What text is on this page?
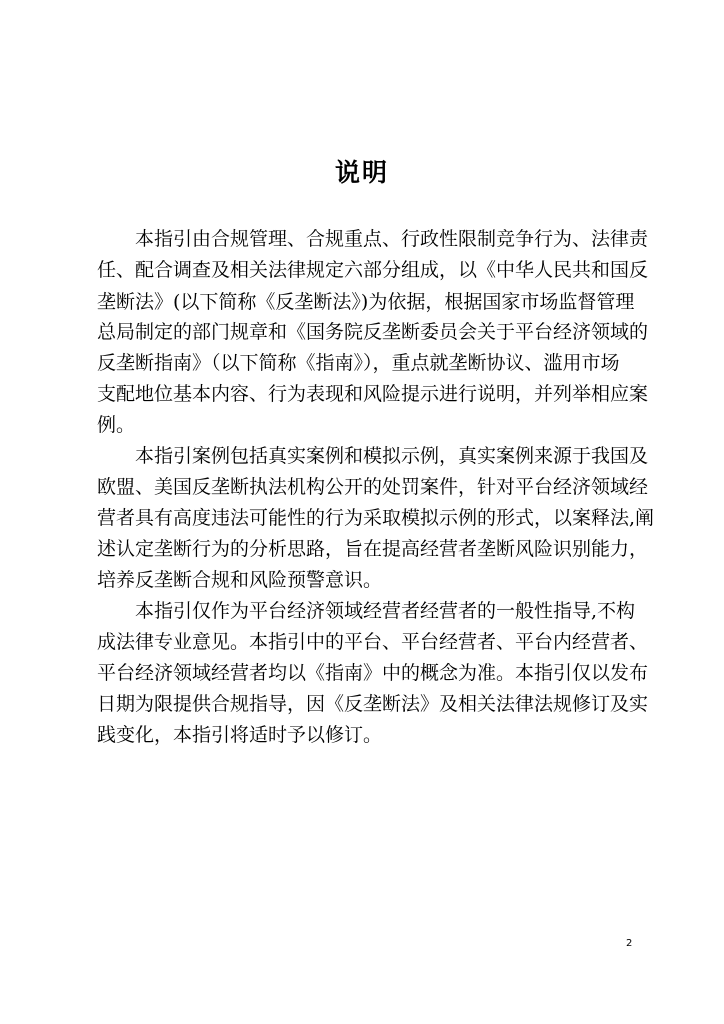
说明
　　本指引由合规管理、合规重点、行政性限制竞争行为、法律责
任、配合调查及相关法律规定六部分组成，以《中华人民共和国反
垄断法》(以下简称《反垄断法》)为依据，根据国家市场监督管理
总局制定的部门规章和《国务院反垄断委员会关于平台经济领域的
反垄断指南》（以下简称《指南》），重点就垄断协议、滥用市场
支配地位基本内容、行为表现和风险提示进行说明，并列举相应案
例。
　　本指引案例包括真实案例和模拟示例，真实案例来源于我国及
欧盟、美国反垄断执法机构公开的处罚案件，针对平台经济领域经
营者具有高度违法可能性的行为采取模拟示例的形式，以案释法,阐
述认定垄断行为的分析思路，旨在提高经营者垄断风险识别能力，
培养反垄断合规和风险预警意识。
　　本指引仅作为平台经济领域经营者经营者的一般性指导,不构
成法律专业意见。本指引中的平台、平台经营者、平台内经营者、
平台经济领域经营者均以《指南》中的概念为准。本指引仅以发布
日期为限提供合规指导，因《反垄断法》及相关法律法规修订及实
践变化，本指引将适时予以修订。
2
